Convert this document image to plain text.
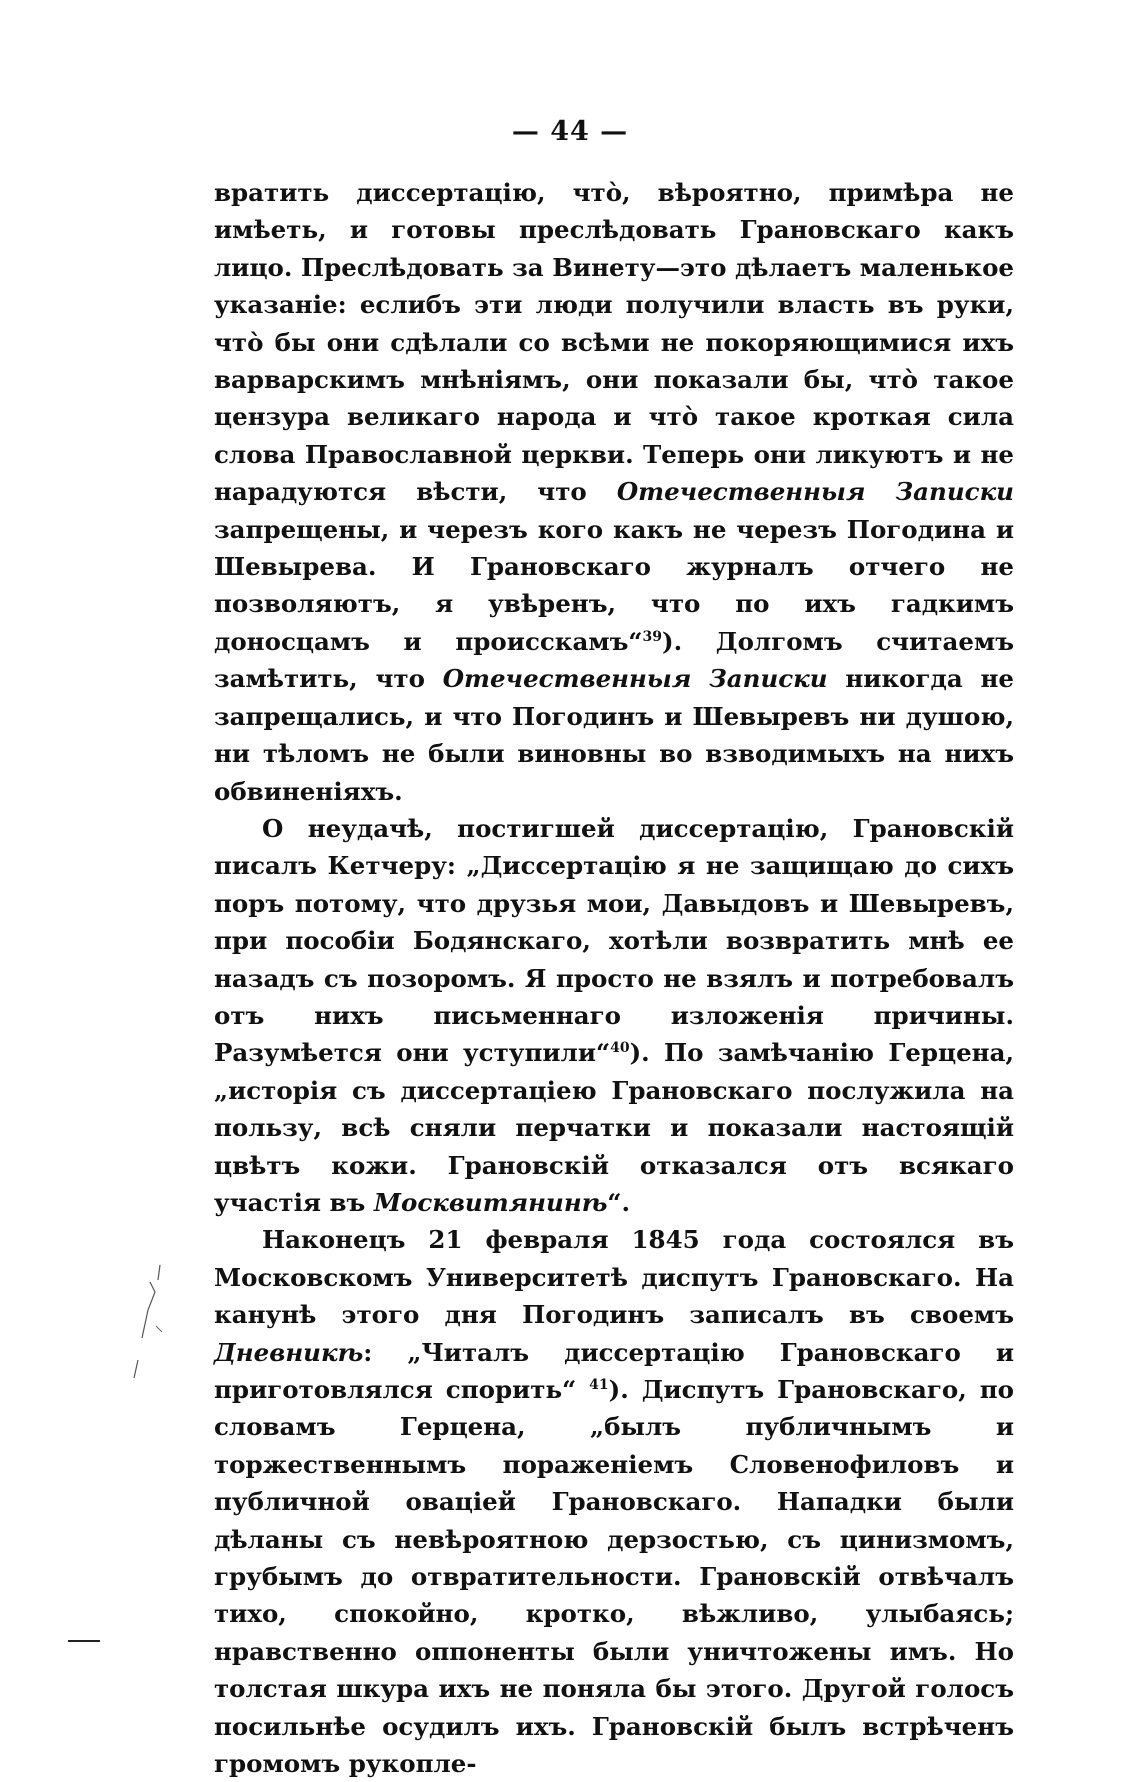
— 44 —

вратить диссертацію, что̀, вѣроятно, примѣра не имѣеть, и готовы преслѣдовать Грановскаго какъ лицо. Преслѣдовать за Винету—это дѣлаетъ маленькое указаніе: еслибъ эти люди получили власть въ руки, что̀ бы они сдѣлали со всѣми не покоряющимися ихъ варварскимъ мнѣніямъ, они показали бы, что̀ такое цензура великаго народа и что̀ такое кроткая сила слова Православной церкви. Теперь они ликуютъ и не нарадуются вѣсти, что Отечественныя Записки запрещены, и черезъ кого какъ не черезъ Погодина и Шевырева. И Грановскаго журналъ отчего не позволяютъ, я увѣренъ, что по ихъ гадкимъ доносцамъ и происскамъ“$^{39}$). Долгомъ считаемъ замѣтить, что Отечественныя Записки никогда не запрещались, и что Погодинъ и Шевыревъ ни душою, ни тѣломъ не были виновны во взводимыхъ на нихъ обвиненіяхъ.

О неудачѣ, постигшей диссертацію, Грановскій писалъ Кетчеру: „Диссертацію я не защищаю до сихъ поръ потому, что друзья мои, Давыдовъ и Шевыревъ, при пособіи Бодянскаго, хотѣли возвратить мнѣ ее назадъ съ позоромъ. Я просто не взялъ и потребовалъ отъ нихъ письменнаго изложенія причины. Разумѣется они уступили“$^{40}$). По замѣчанію Герцена, „исторія съ диссертаціею Грановскаго послужила на пользу, всѣ сняли перчатки и показали настоящій цвѣтъ кожи. Грановскій отказался отъ всякаго участія въ Москвитянинѣ“.

Наконецъ 21 февраля 1845 года состоялся въ Московскомъ Университетѣ диспутъ Грановскаго. На канунѣ этого дня Погодинъ записалъ въ своемъ Дневникѣ: „Читалъ диссертацію Грановскаго и приготовлялся спорить“ $^{41}$). Диспутъ Грановскаго, по словамъ Герцена, „былъ публичнымъ и торжественнымъ пораженіемъ Словенофиловъ и публичной оваціей Грановскаго. Нападки были дѣланы съ невѣроятною дерзостью, съ цинизмомъ, грубымъ до отвратительности. Грановскій отвѣчалъ тихо, спокойно, кротко, вѣжливо, улыбаясь; нравственно оппоненты были уничтожены имъ. Но толстая шкура ихъ не поняла бы этого. Другой голосъ посильнѣе осудилъ ихъ. Грановскій былъ встрѣченъ громомъ рукопле-
